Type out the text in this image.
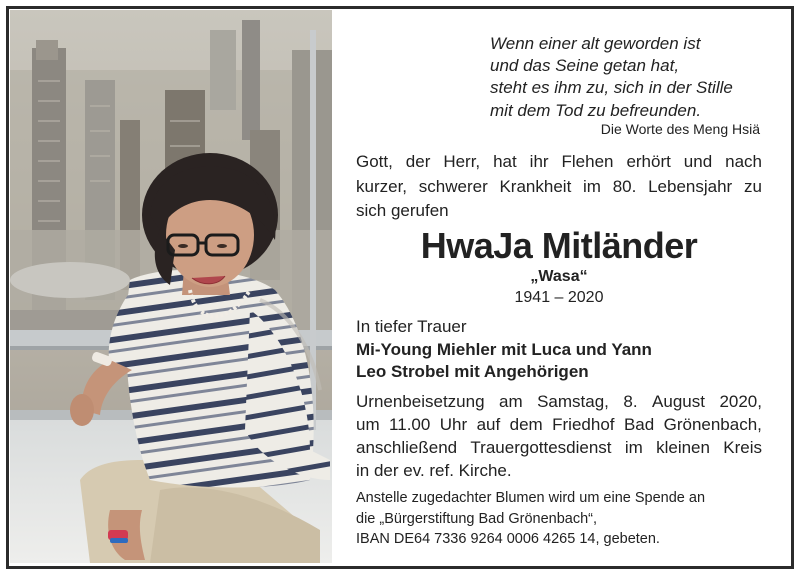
Wenn einer alt geworden ist
und das Seine getan hat,
steht es ihm zu, sich in der Stille
mit dem Tod zu befreunden.
Die Worte des Meng Hsiä
Gott, der Herr, hat ihr Flehen erhört und nach
kurzer, schwerer Krankheit im 80. Lebensjahr zu
sich gerufen
HwaJa Mitländer
„Wasa“
1941 – 2020
In tiefer Trauer
Mi-Young Miehler mit Luca und Yann
Leo Strobel mit Angehörigen
Urnenbeisetzung am Samstag, 8. August 2020,
um 11.00 Uhr auf dem Friedhof Bad Grönenbach,
anschließend Trauergottesdienst im kleinen Kreis
in der ev. ref. Kirche.
Anstelle zugedachter Blumen wird um eine Spende an
die „Bürgerstiftung Bad Grönenbach“,
IBAN DE64 7336 9264 0006 4265 14, gebeten.
